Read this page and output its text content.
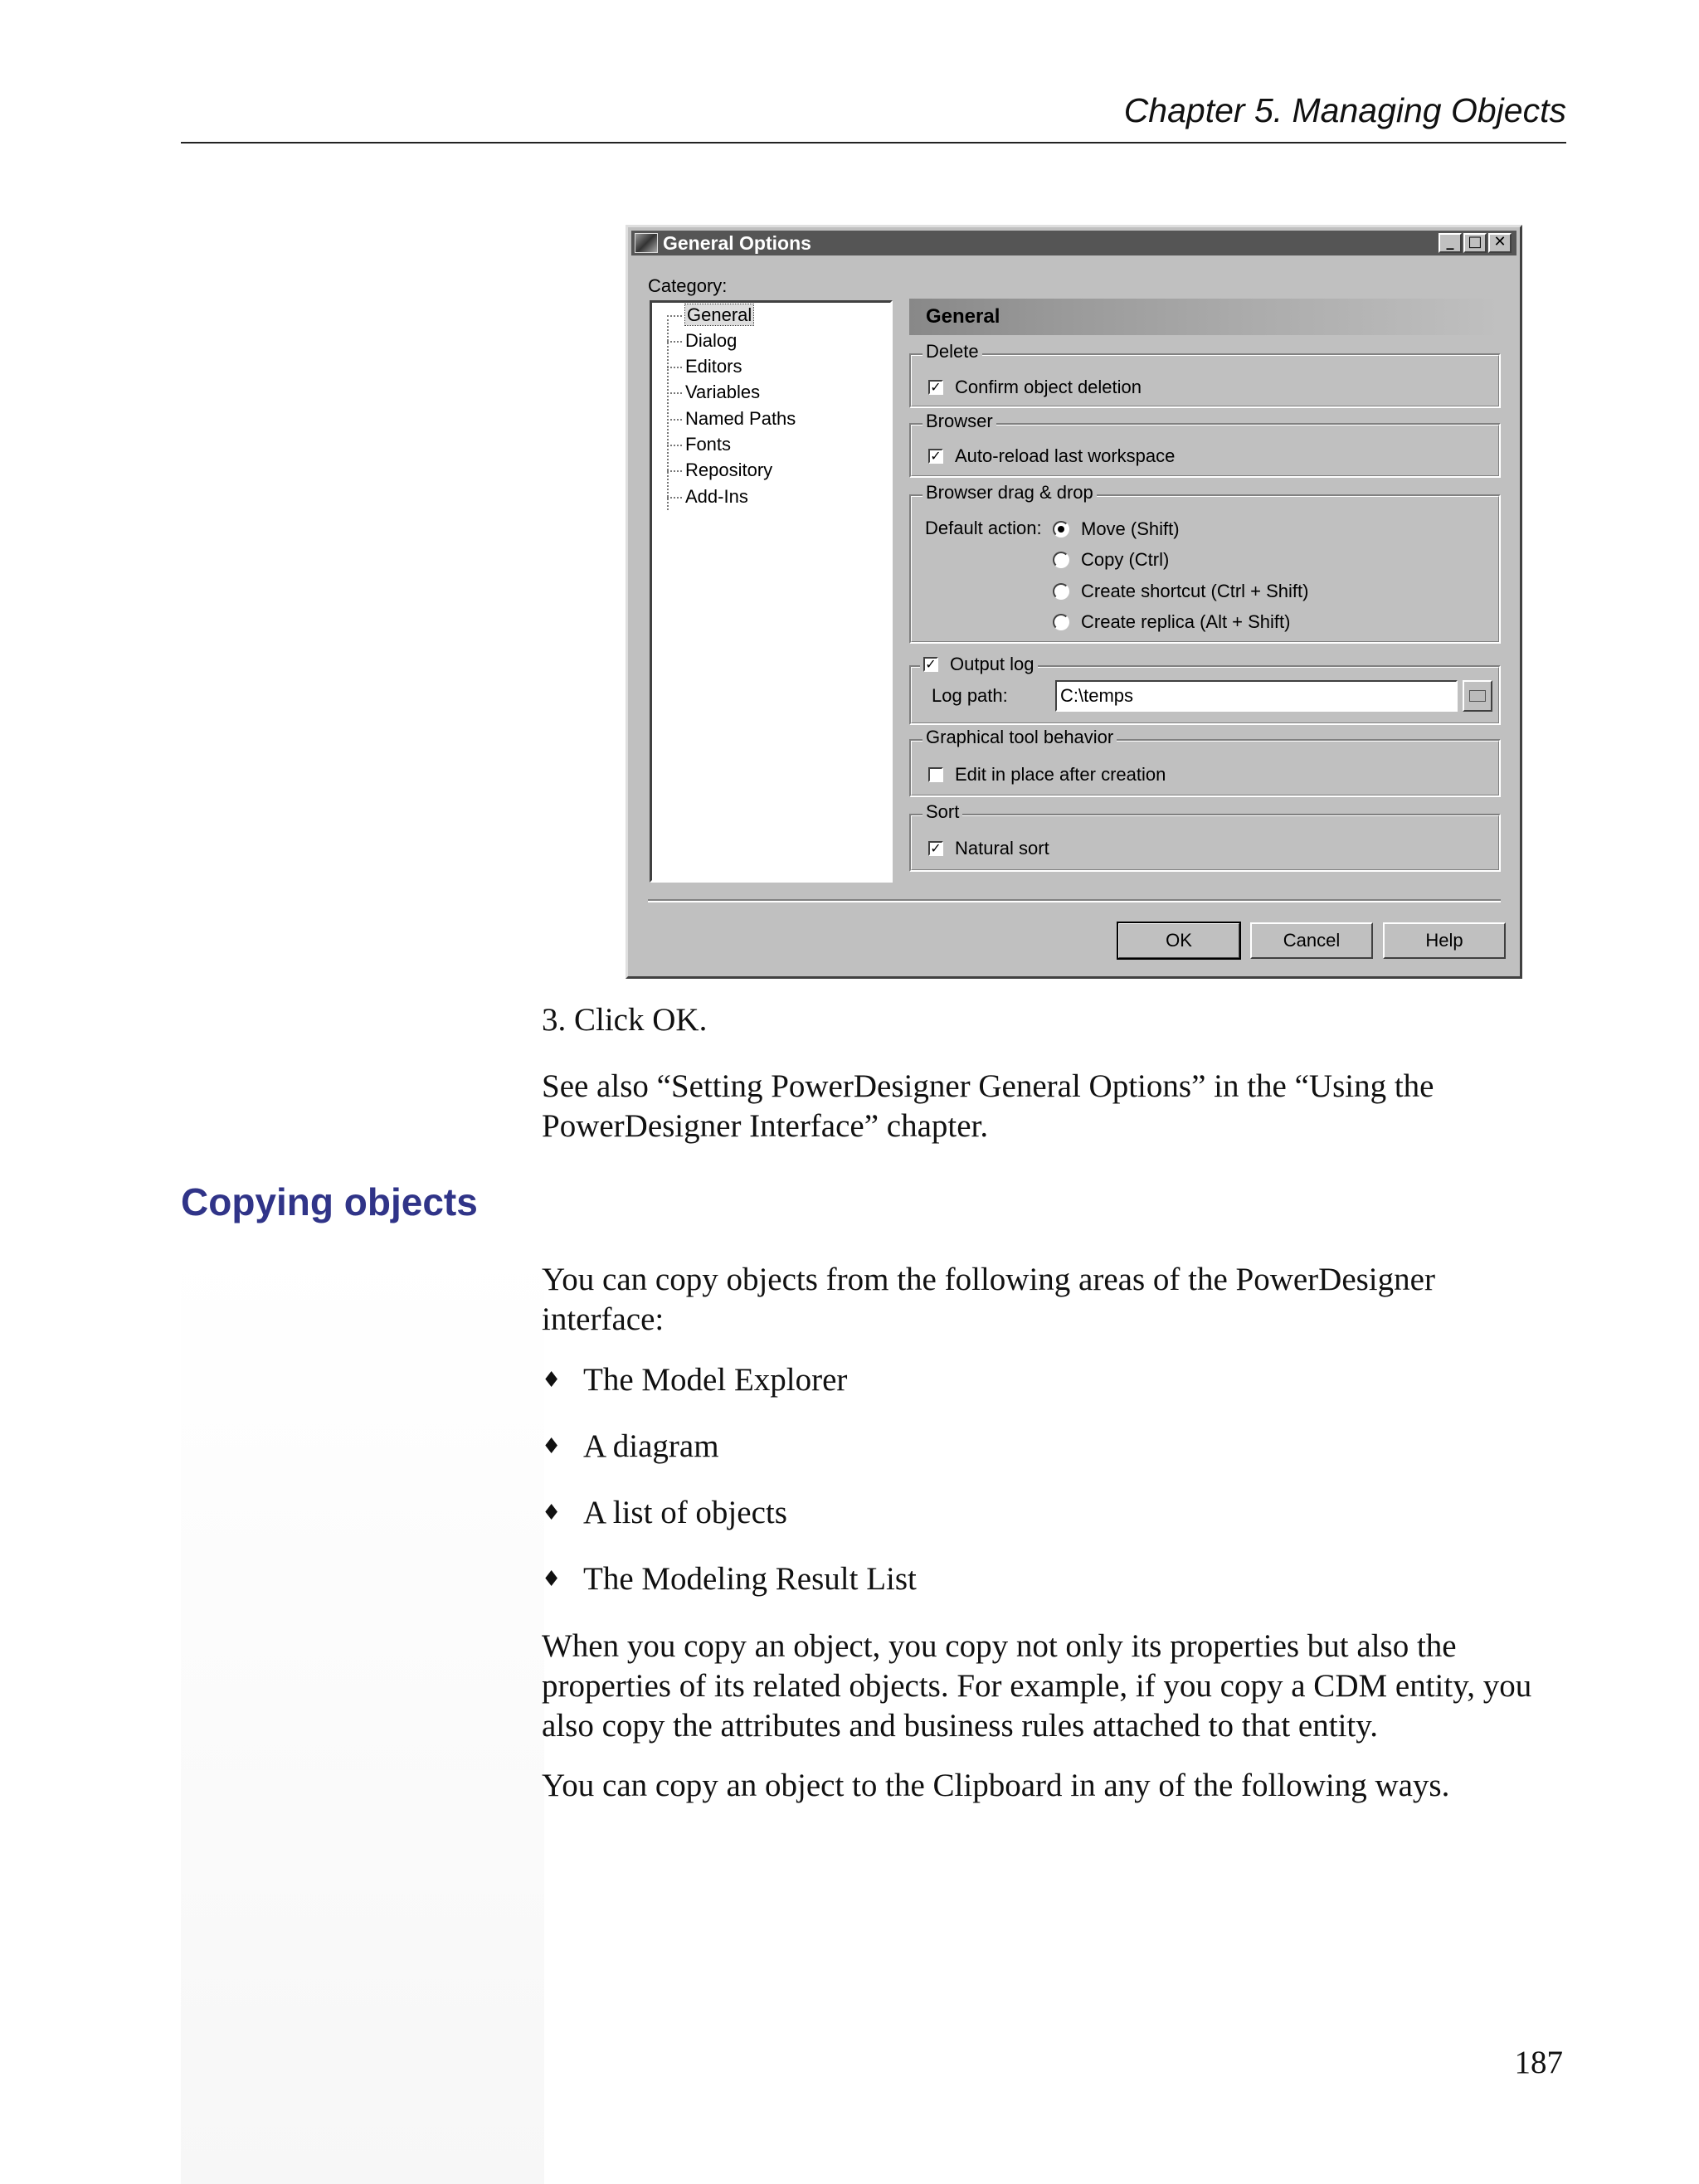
Chapter 5. Managing Objects
General Options	_ □ ✕
Category:
General
Dialog
Editors
Variables
Named Paths
Fonts
Repository
Add-Ins
General
Delete
✓ Confirm object deletion
Browser
✓ Auto-reload last workspace
Browser drag & drop
Default action: Move (Shift)
Copy (Ctrl)
Create shortcut (Ctrl + Shift)
Create replica (Alt + Shift)
✓ Output log
Log path:	C:\temps
Graphical tool behavior
Edit in place after creation
Sort
✓ Natural sort
OK	Cancel	Help
3. Click OK.
See also “Setting PowerDesigner General Options” in the “Using the PowerDesigner Interface” chapter.
Copying objects
You can copy objects from the following areas of the PowerDesigner interface:
♦ The Model Explorer
♦ A diagram
♦ A list of objects
♦ The Modeling Result List
When you copy an object, you copy not only its properties but also the properties of its related objects. For example, if you copy a CDM entity, you also copy the attributes and business rules attached to that entity.
You can copy an object to the Clipboard in any of the following ways.
187
